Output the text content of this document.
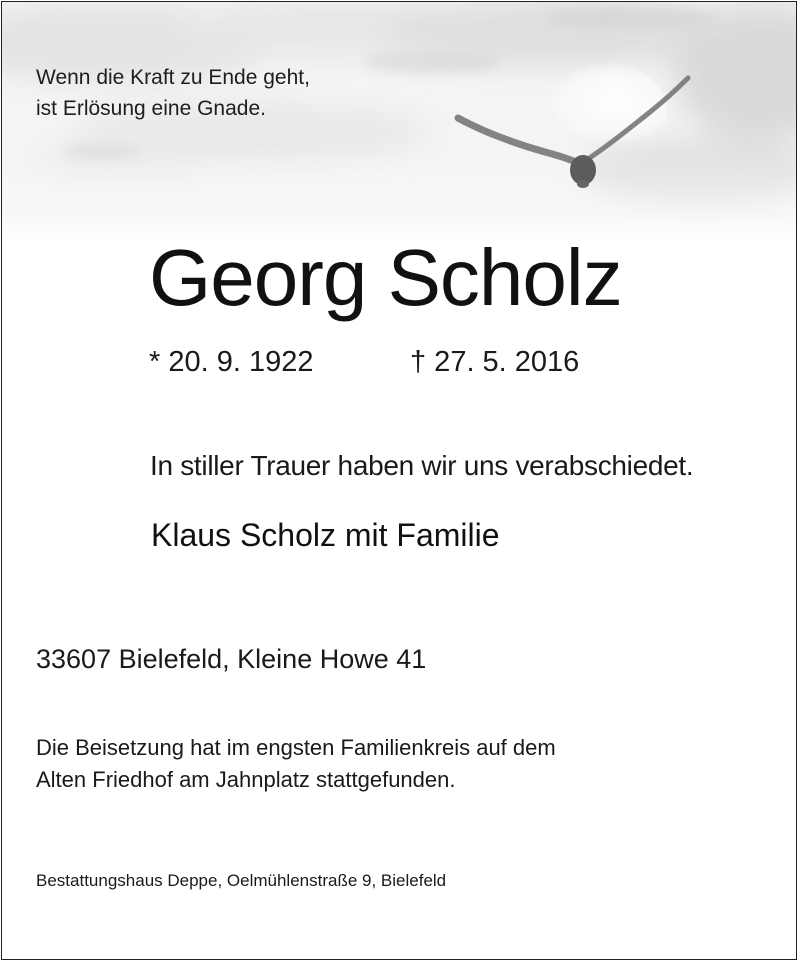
Wenn die Kraft zu Ende geht,
ist Erlösung eine Gnade.
Georg Scholz
* 20. 9. 1922	† 27. 5. 2016
In stiller Trauer haben wir uns verabschiedet.
Klaus Scholz mit Familie
33607 Bielefeld, Kleine Howe 41
Die Beisetzung hat im engsten Familienkreis auf dem
Alten Friedhof am Jahnplatz stattgefunden.
Bestattungshaus Deppe, Oelmühlenstraße 9, Bielefeld
